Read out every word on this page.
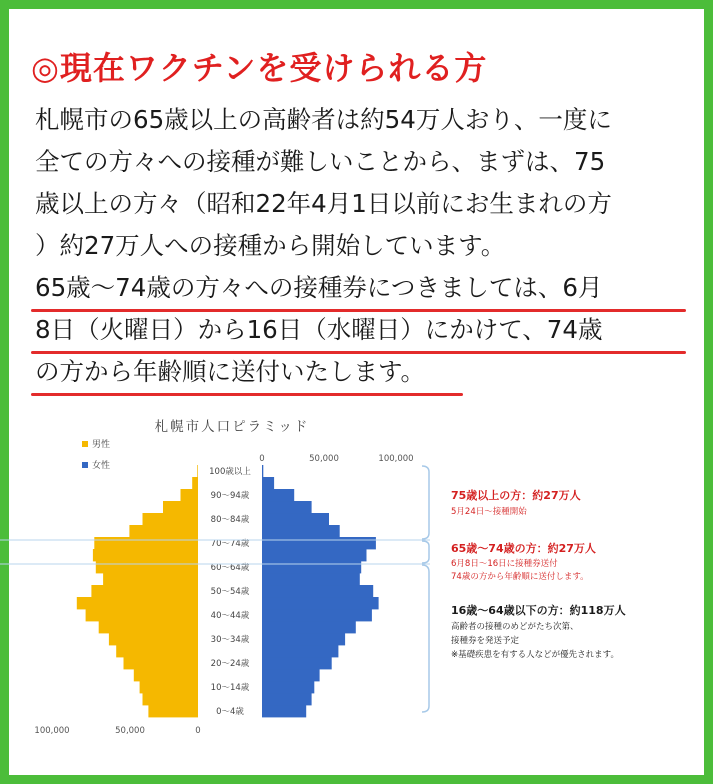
◎現在ワクチンを受けられる方
札幌市の65歳以上の高齢者は約54万人おり、一度に
全ての方々への接種が難しいことから、まずは、75
歳以上の方々（昭和22年4月1日以前にお生まれの方
）約27万人への接種から開始しています。
65歳〜74歳の方々への接種券につきましては、6月
8日（火曜日）から16日（水曜日）にかけて、74歳
の方から年齢順に送付いたします。
札幌市人口ピラミッド
男性
女性
0	50,000	100,000
100,000	50,000	0
0〜4歳
10〜14歳
20〜24歳
30〜34歳
40〜44歳
50〜54歳
60〜64歳
70〜74歳
80〜84歳
90〜94歳
100歳以上
75歳以上の方：約27万人
5月24日〜接種開始
65歳〜74歳の方：約27万人
6月8日〜16日に接種券送付
74歳の方から年齢順に送付します。
16歳〜64歳以下の方：約118万人
高齢者の接種のめどがたち次第、
接種券を発送予定
※基礎疾患を有する人などが優先されます。
